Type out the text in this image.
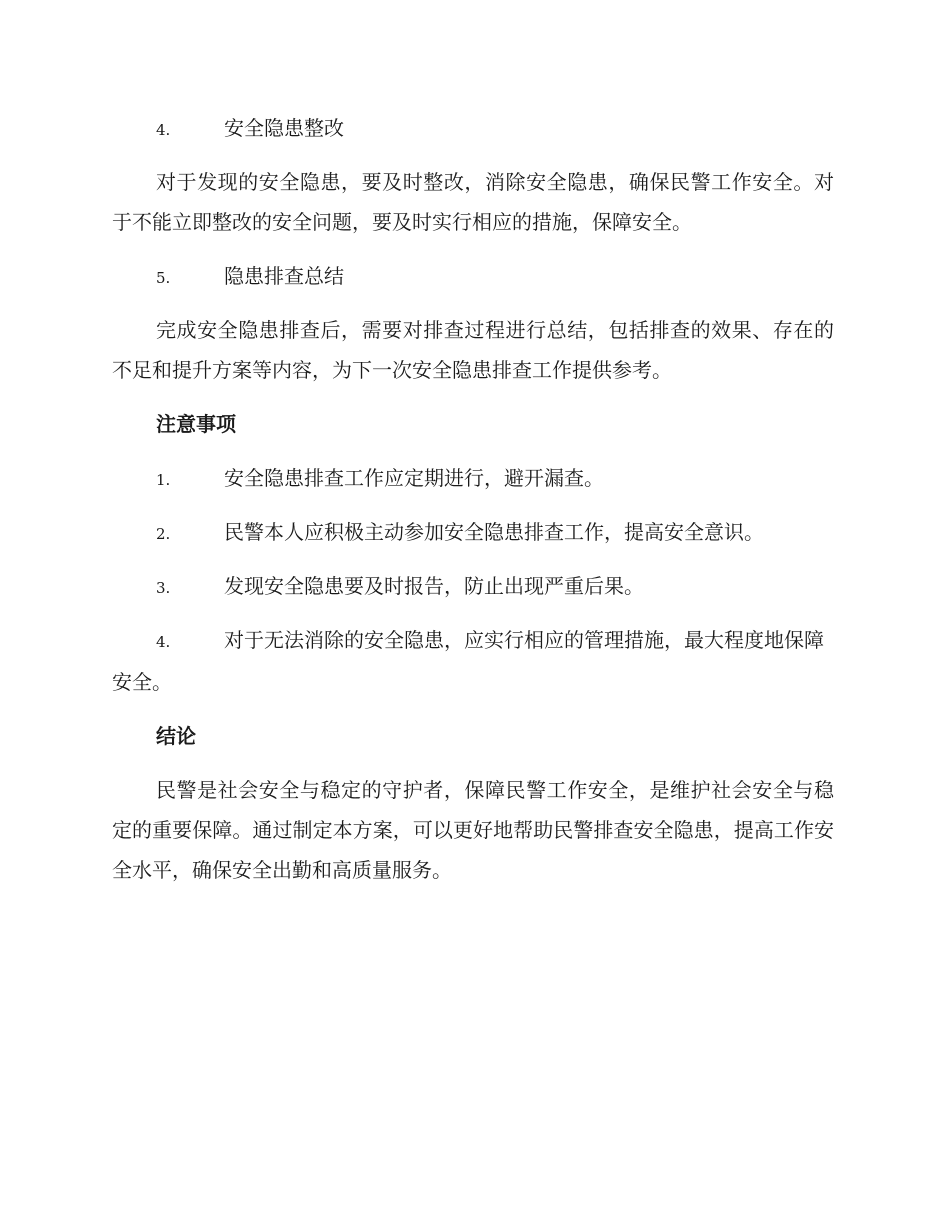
4.	安全隐患整改

对于发现的安全隐患，要及时整改，消除安全隐患，确保民警工作安全。对于不能立即整改的安全问题，要及时实行相应的措施，保障安全。

5.	隐患排查总结

完成安全隐患排查后，需要对排查过程进行总结，包括排查的效果、存在的不足和提升方案等内容，为下一次安全隐患排查工作提供参考。

注意事项
1.	安全隐患排查工作应定期进行，避开漏查。
2.	民警本人应积极主动参加安全隐患排查工作，提高安全意识。
3.	发现安全隐患要及时报告，防止出现严重后果。

4.	对于无法消除的安全隐患，应实行相应的管理措施，最大程度地保障安全。

结论

民警是社会安全与稳定的守护者，保障民警工作安全，是维护社会安全与稳定的重要保障。通过制定本方案，可以更好地帮助民警排查安全隐患，提高工作安全水平，确保安全出勤和高质量服务。
